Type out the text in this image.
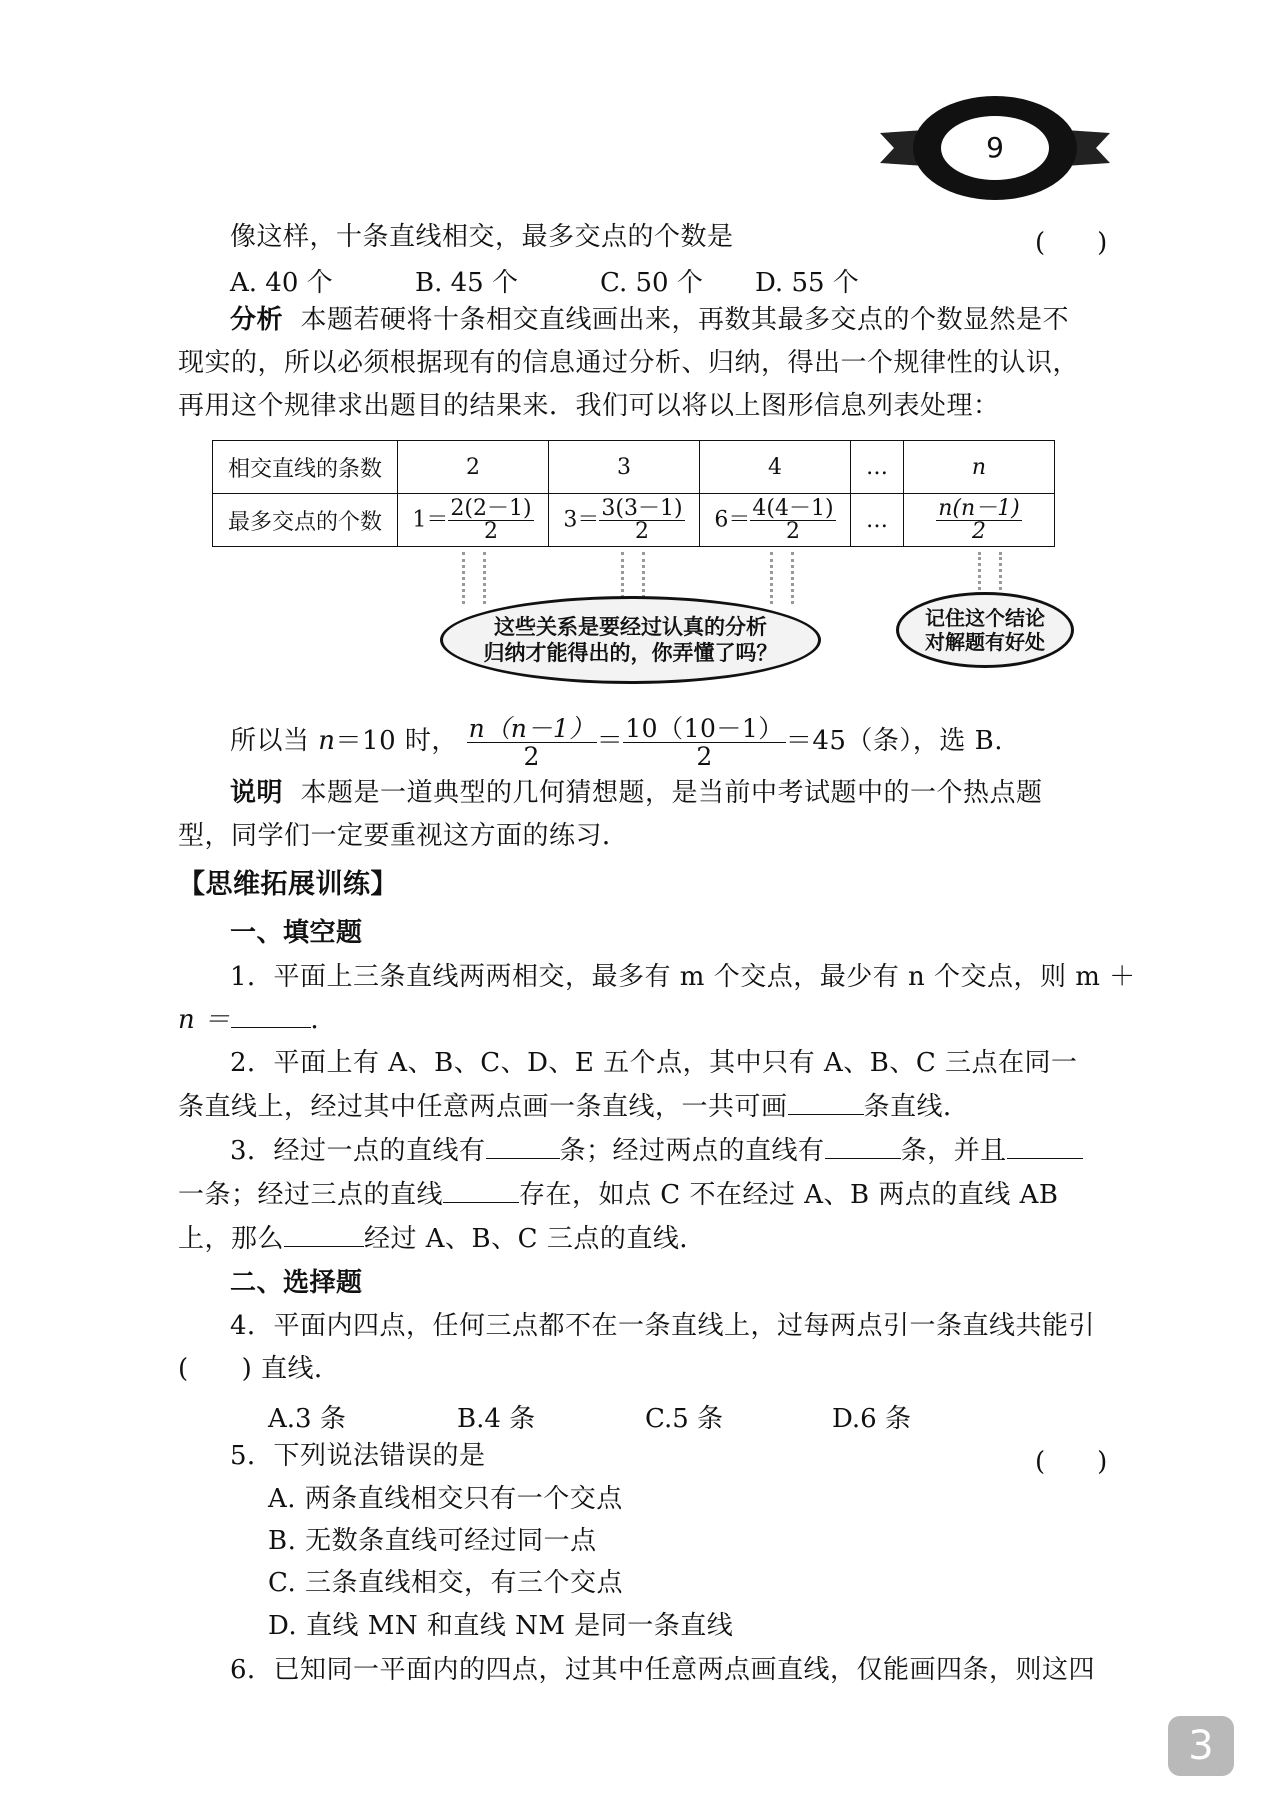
9
像这样，十条直线相交，最多交点的个数是	(　　)
A. 40 个	B. 45 个	C. 50 个 D. 55 个
分析 本题若硬将十条相交直线画出来，再数其最多交点的个数显然是不
现实的，所以必须根据现有的信息通过分析、归纳，得出一个规律性的认识，
再用这个规律求出题目的结果来．我们可以将以上图形信息列表处理：
相交直线的条数	2	3	4	…	n
最多交点的个数	$1= \frac{2(2-1)}{2}$	$3= \frac{3(3-1)}{2}$	$6= \frac{4(4-1)}{2}$	…	$\frac{n(n-1)}{2}$
这些关系是要经过认真的分析
归纳才能得出的，你弄懂了吗？
记住这个结论
对解题有好处
所以当 n＝10 时， $\frac{n(n-1)}{2} = \frac{10(10-1)}{2} =45$（条），选 B.
说明 本题是一道典型的几何猜想题，是当前中考试题中的一个热点题
型，同学们一定要重视这方面的练习．
【思维拓展训练】
一、填空题
1．平面上三条直线两两相交，最多有 m 个交点，最少有 n 个交点，则 m ＋
n ＝	．
2．平面上有 A、B、C、D、E 五个点，其中只有 A、B、C 三点在同一
条直线上，经过其中任意两点画一条直线，一共可画	条直线．
3．经过一点的直线有	条；经过两点的直线有	条，并且
一条；经过三点的直线	存在，如点 C 不在经过 A、B 两点的直线 AB
上，那么	经过 A、B、C 三点的直线．
二、选择题
4．平面内四点，任何三点都不在一条直线上，过每两点引一条直线共能引
(　　) 直线．
A.3 条	B.4 条	C.5 条	D.6 条
5．下列说法错误的是	(　　)
A. 两条直线相交只有一个交点
B. 无数条直线可经过同一点
C. 三条直线相交，有三个交点
D. 直线 MN 和直线 NM 是同一条直线
6．已知同一平面内的四点，过其中任意两点画直线，仅能画四条，则这四
3
